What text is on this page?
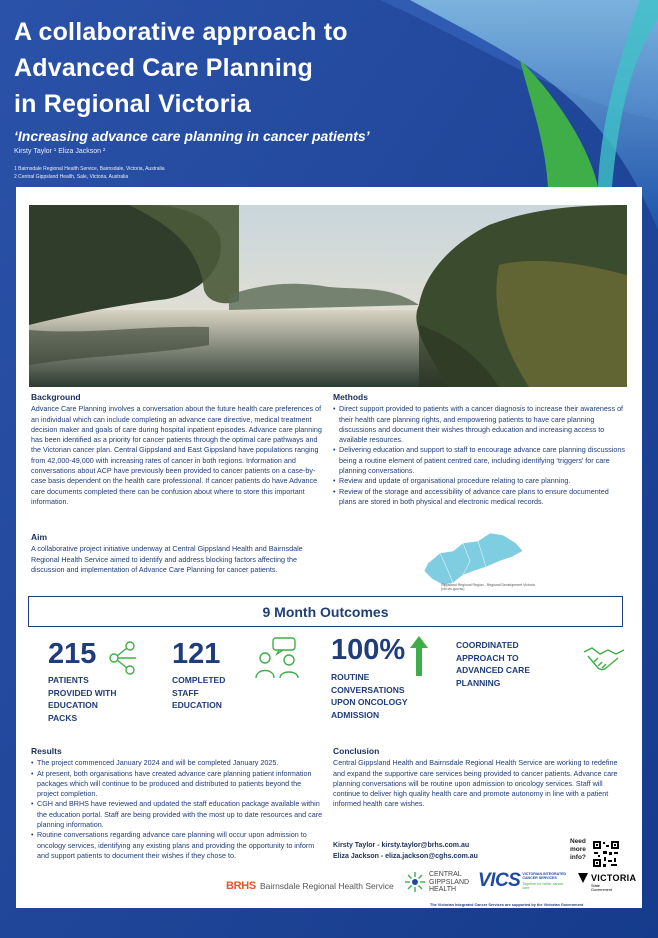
A collaborative approach to
Advanced Care Planning
in Regional Victoria
‘Increasing advance care planning in cancer patients’
Kirsty Taylor ¹ Eliza Jackson ²
1 Bairnsdale Regional Health Service, Bairnsdale, Victoria, Australia
2 Central Gippsland Health, Sale, Victoria, Australia
Background

Advance Care Planning involves a conversation about the future health care preferences of an individual which can include completing an advance care directive, medical treatment decision maker and goals of care during hospital inpatient episodes. Advance care planning has been identified as a priority for cancer patients through the optimal care pathways and the Victorian cancer plan. Central Gippsland and East Gippsland have populations ranging from 42,000-49,000 with increasing rates of cancer in both regions. Information and conversations about ACP have previously been provided to cancer patients on a case-by-case basis dependent on the health care professional. If cancer patients do have Advance care documents completed there can be confusion about where to store this important information.

Aim

A collaborative project initiative underway at Central Gippsland Health and Bairnsdale Regional Health Service aimed to identify and address blocking factors affecting the discussion and implementation of Advance Care Planning for cancer patients.

Methods
• Direct support provided to patients with a cancer diagnosis to increase their awareness of their health care planning rights, and empowering patients to have care planning discussions and document their wishes through education and increasing access to available resources.
• Delivering education and support to staff to encourage advance care planning discussions being a routine element of patient centred care, including identifying ‘triggers’ for care planning conversations.
• Review and update of organisational procedure relating to care planning.
• Review of the storage and accessibility of advance care plans to ensure documented plans are stored in both physical and electronic medical records.
Gippsland Regional Region - Regional Development Victoria (rdv.vic.gov.au)
9 Month Outcomes
215
PATIENTS PROVIDED WITH EDUCATION PACKS
121
COMPLETED STAFF EDUCATION
100%
ROUTINE CONVERSATIONS UPON ONCOLOGY ADMISSION
COORDINATED APPROACH TO ADVANCED CARE PLANNING
Results
• The project commenced January 2024 and will be completed January 2025.
• At present, both organisations have created advance care planning patient information packages which will continue to be produced and distributed to patients beyond the project completion.
• CGH and BRHS have reviewed and updated the staff education package available within the education portal. Staff are being provided with the most up to date resources and care planning information.
• Routine conversations regarding advance care planning will occur upon admission to oncology services, identifying any existing plans and providing the opportunity to inform and support patients to document their wishes if they chose to.
Conclusion

Central Gippsland Health and Bairnsdale Regional Health Service are working to redefine and expand the supportive care services being provided to cancer patients. Advance care planning conversations will be routine upon admission to oncology services. Staff will continue to deliver high quality health care and promote autonomy in line with a patient informed health care wishes.

Kirsty Taylor - kirsty.taylor@brhs.com.au
Eliza Jackson - eliza.jackson@cghs.com.au
Need more info?
BRHS Bairnsdale Regional Health Service
CENTRAL GIPPSLAND HEALTH	VICS VICTORIAN INTEGRATED CANCER SERVICES
Together for better cancer care
VICTORIA
State Government
The Victorian Integrated Cancer Services are supported by the Victorian Government
